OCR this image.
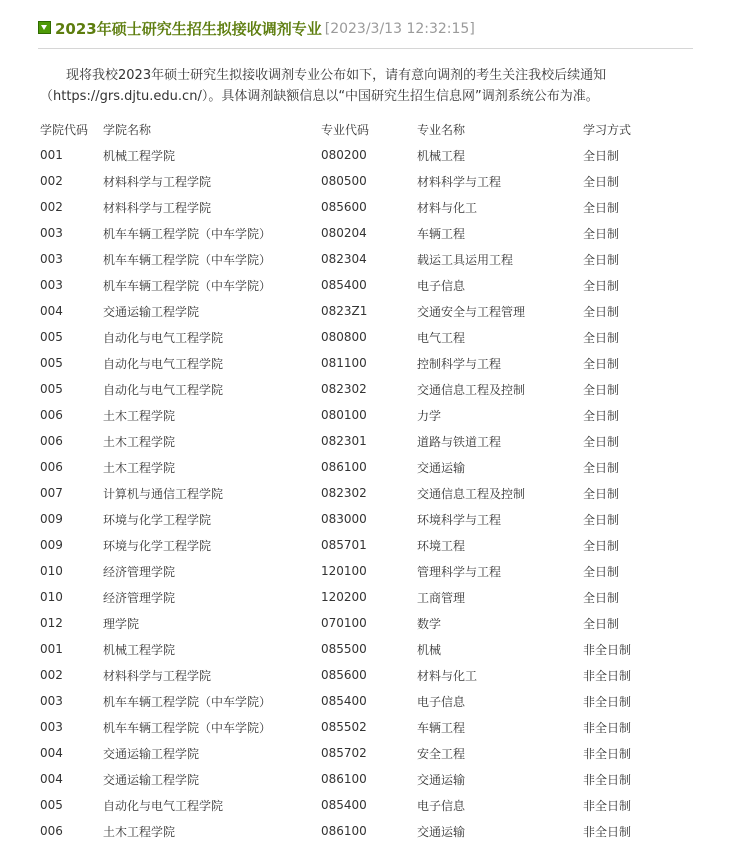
2023年硕士研究生招生拟接收调剂专业 [2023/3/13 12:32:15]

现将我校2023年硕士研究生拟接收调剂专业公布如下，请有意向调剂的考生关注我校后续通知

（https://grs.djtu.edu.cn/）。具体调剂缺额信息以“中国研究生招生信息网”调剂系统公布为准。

学院代码	学院名称	专业代码	专业名称	学习方式
001	机械工程学院	080200	机械工程	全日制
002	材料科学与工程学院	080500	材料科学与工程	全日制
002	材料科学与工程学院	085600	材料与化工	全日制
003	机车车辆工程学院（中车学院）	080204	车辆工程	全日制
003	机车车辆工程学院（中车学院）	082304	载运工具运用工程	全日制
003	机车车辆工程学院（中车学院）	085400	电子信息	全日制
004	交通运输工程学院	0823Z1	交通安全与工程管理	全日制
005	自动化与电气工程学院	080800	电气工程	全日制
005	自动化与电气工程学院	081100	控制科学与工程	全日制
005	自动化与电气工程学院	082302	交通信息工程及控制	全日制
006	土木工程学院	080100	力学	全日制
006	土木工程学院	082301	道路与铁道工程	全日制
006	土木工程学院	086100	交通运输	全日制
007	计算机与通信工程学院	082302	交通信息工程及控制	全日制
009	环境与化学工程学院	083000	环境科学与工程	全日制
009	环境与化学工程学院	085701	环境工程	全日制
010	经济管理学院	120100	管理科学与工程	全日制
010	经济管理学院	120200	工商管理	全日制
012	理学院	070100	数学	全日制
001	机械工程学院	085500	机械	非全日制
002	材料科学与工程学院	085600	材料与化工	非全日制
003	机车车辆工程学院（中车学院）	085400	电子信息	非全日制
003	机车车辆工程学院（中车学院）	085502	车辆工程	非全日制
004	交通运输工程学院	085702	安全工程	非全日制
004	交通运输工程学院	086100	交通运输	非全日制
005	自动化与电气工程学院	085400	电子信息	非全日制
006	土木工程学院	086100	交通运输	非全日制
